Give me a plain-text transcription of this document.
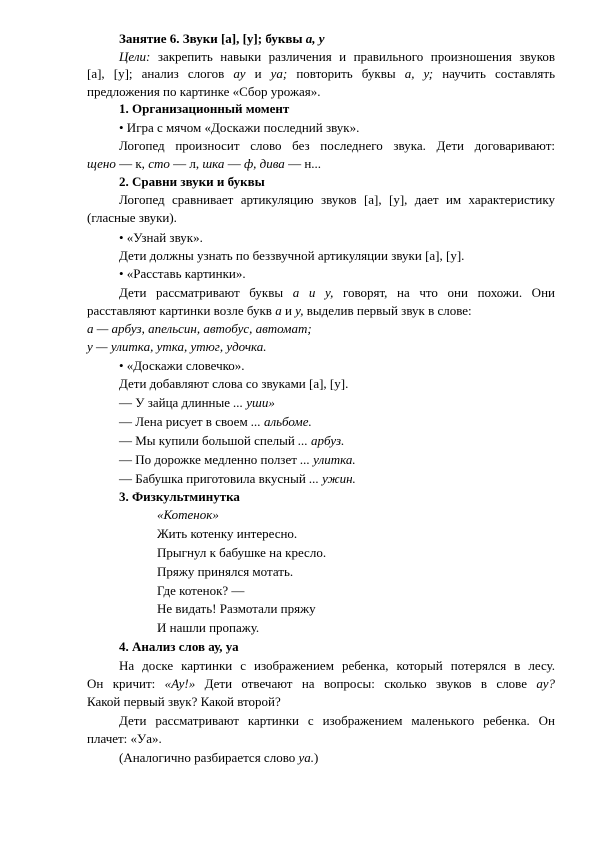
Занятие 6. Звуки [а], [у]; буквы а, у
Цели: закрепить навыки различения и правильного произношения звуков
[а], [у]; анализ слогов ау и уа; повторить буквы а, у; научить составлять
предложения по картинке «Сбор урожая».
1. Организационный момент
• Игра с мячом «Доскажи последний звук».
Логопед произносит слово без последнего звука. Дети договаривают:
щено — к, сто — л, шка — ф, дива — н...
2. Сравни звуки и буквы
Логопед сравнивает артикуляцию звуков [а], [у], дает им характеристику
(гласные звуки).
• «Узнай звук».
Дети должны узнать по беззвучной артикуляции звуки [а], [у].
• «Расставь картинки».
Дети рассматривают буквы а и у, говорят, на что они похожи. Они
расставляют картинки возле букв а и у, выделив первый звук в слове:
а — арбуз, апельсин, автобус, автомат;
у — улитка, утка, утюг, удочка.
• «Доскажи словечко».
Дети добавляют слова со звуками [а], [у].
— У зайца длинные ... уши»
— Лена рисует в своем ... альбоме.
— Мы купили большой спелый ... арбуз.
— По дорожке медленно ползет ... улитка.
— Бабушка приготовила вкусный ... ужин.
3. Физкультминутка
«Котенок»
Жить котенку интересно.
Прыгнул к бабушке на кресло.
Пряжу принялся мотать.
Где котенок? —
Не видать! Размотали пряжу
И нашли пропажу.
4. Анализ слов ау, уа
На доске картинки с изображением ребенка, который потерялся в лесу.
Он кричит: «Ау!» Дети отвечают на вопросы: сколько звуков в слове ау?
Какой первый звук? Какой второй?
Дети рассматривают картинки с изображением маленького ребенка. Он
плачет: «Уа».
(Аналогично разбирается слово уа.)
